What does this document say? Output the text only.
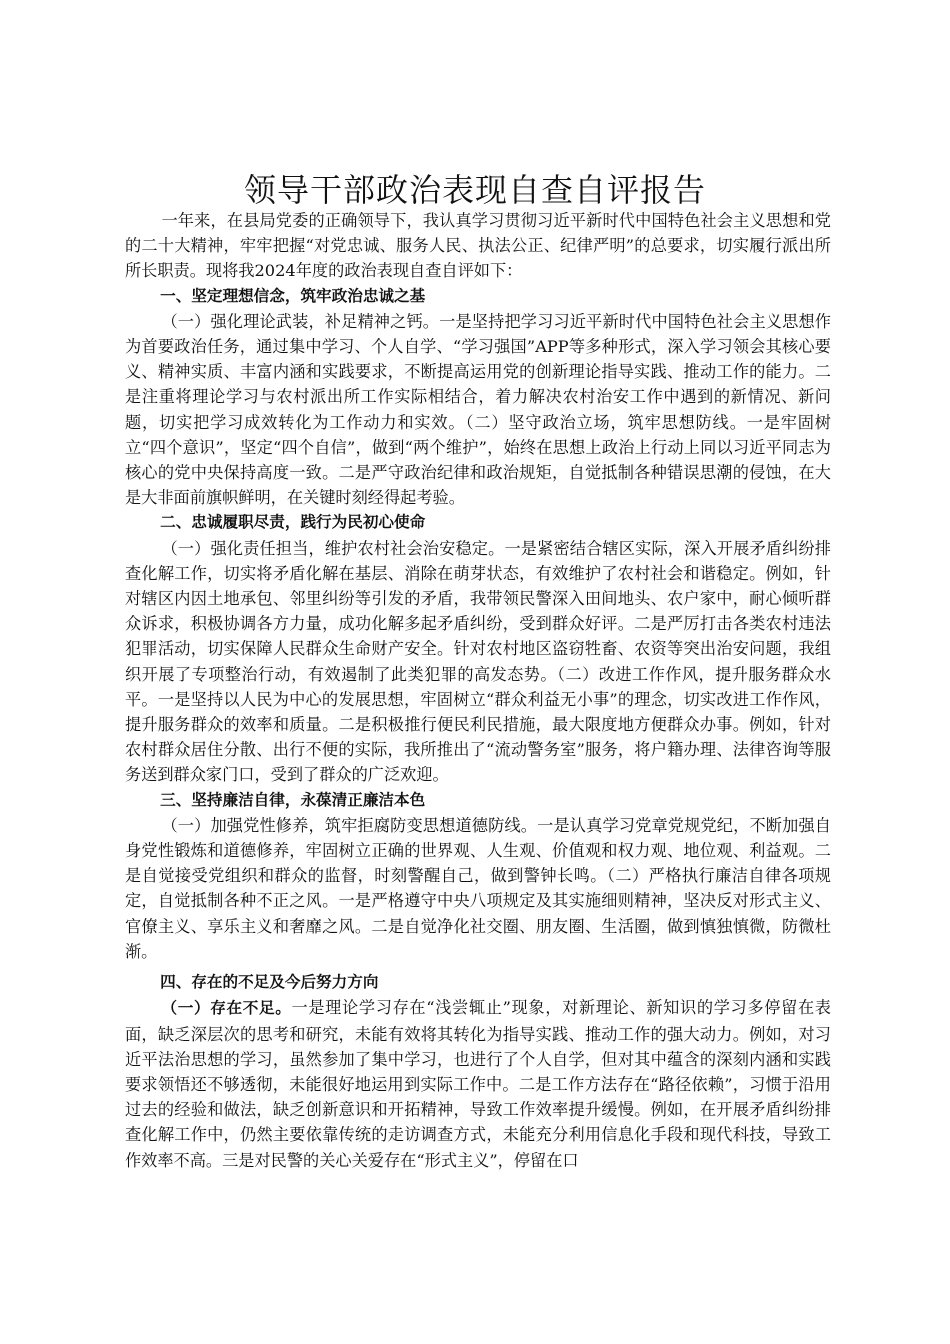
领导干部政治表现自查自评报告

一年来，在县局党委的正确领导下，我认真学习贯彻习近平新时代中国特色社会主义思想和党的二十大精神，牢牢把握“对党忠诚、服务人民、执法公正、纪律严明”的总要求，切实履行派出所所长职责。现将我2024年度的政治表现自查自评如下：

一、坚定理想信念，筑牢政治忠诚之基

（一）强化理论武装，补足精神之钙。一是坚持把学习习近平新时代中国特色社会主义思想作为首要政治任务，通过集中学习、个人自学、“学习强国”APP等多种形式，深入学习领会其核心要义、精神实质、丰富内涵和实践要求，不断提高运用党的创新理论指导实践、推动工作的能力。二是注重将理论学习与农村派出所工作实际相结合，着力解决农村治安工作中遇到的新情况、新问题，切实把学习成效转化为工作动力和实效。（二）坚守政治立场，筑牢思想防线。一是牢固树立“四个意识”，坚定“四个自信”，做到“两个维护”，始终在思想上政治上行动上同以习近平同志为核心的党中央保持高度一致。二是严守政治纪律和政治规矩，自觉抵制各种错误思潮的侵蚀，在大是大非面前旗帜鲜明，在关键时刻经得起考验。

二、忠诚履职尽责，践行为民初心使命

（一）强化责任担当，维护农村社会治安稳定。一是紧密结合辖区实际，深入开展矛盾纠纷排查化解工作，切实将矛盾化解在基层、消除在萌芽状态，有效维护了农村社会和谐稳定。例如，针对辖区内因土地承包、邻里纠纷等引发的矛盾，我带领民警深入田间地头、农户家中，耐心倾听群众诉求，积极协调各方力量，成功化解多起矛盾纠纷，受到群众好评。二是严厉打击各类农村违法犯罪活动，切实保障人民群众生命财产安全。针对农村地区盗窃牲畜、农资等突出治安问题，我组织开展了专项整治行动，有效遏制了此类犯罪的高发态势。（二）改进工作作风，提升服务群众水平。一是坚持以人民为中心的发展思想，牢固树立“群众利益无小事”的理念，切实改进工作作风，提升服务群众的效率和质量。二是积极推行便民利民措施，最大限度地方便群众办事。例如，针对农村群众居住分散、出行不便的实际，我所推出了“流动警务室”服务，将户籍办理、法律咨询等服务送到群众家门口，受到了群众的广泛欢迎。

三、坚持廉洁自律，永葆清正廉洁本色

（一）加强党性修养，筑牢拒腐防变思想道德防线。一是认真学习党章党规党纪，不断加强自身党性锻炼和道德修养，牢固树立正确的世界观、人生观、价值观和权力观、地位观、利益观。二是自觉接受党组织和群众的监督，时刻警醒自己，做到警钟长鸣。（二）严格执行廉洁自律各项规定，自觉抵制各种不正之风。一是严格遵守中央八项规定及其实施细则精神，坚决反对形式主义、官僚主义、享乐主义和奢靡之风。二是自觉净化社交圈、朋友圈、生活圈，做到慎独慎微，防微杜渐。

四、存在的不足及今后努力方向

（一）存在不足。一是理论学习存在“浅尝辄止”现象，对新理论、新知识的学习多停留在表面，缺乏深层次的思考和研究，未能有效将其转化为指导实践、推动工作的强大动力。例如，对习近平法治思想的学习，虽然参加了集中学习，也进行了个人自学，但对其中蕴含的深刻内涵和实践要求领悟还不够透彻，未能很好地运用到实际工作中。二是工作方法存在“路径依赖”，习惯于沿用过去的经验和做法，缺乏创新意识和开拓精神，导致工作效率提升缓慢。例如，在开展矛盾纠纷排查化解工作中，仍然主要依靠传统的走访调查方式，未能充分利用信息化手段和现代科技，导致工作效率不高。三是对民警的关心关爱存在“形式主义”，停留在口
